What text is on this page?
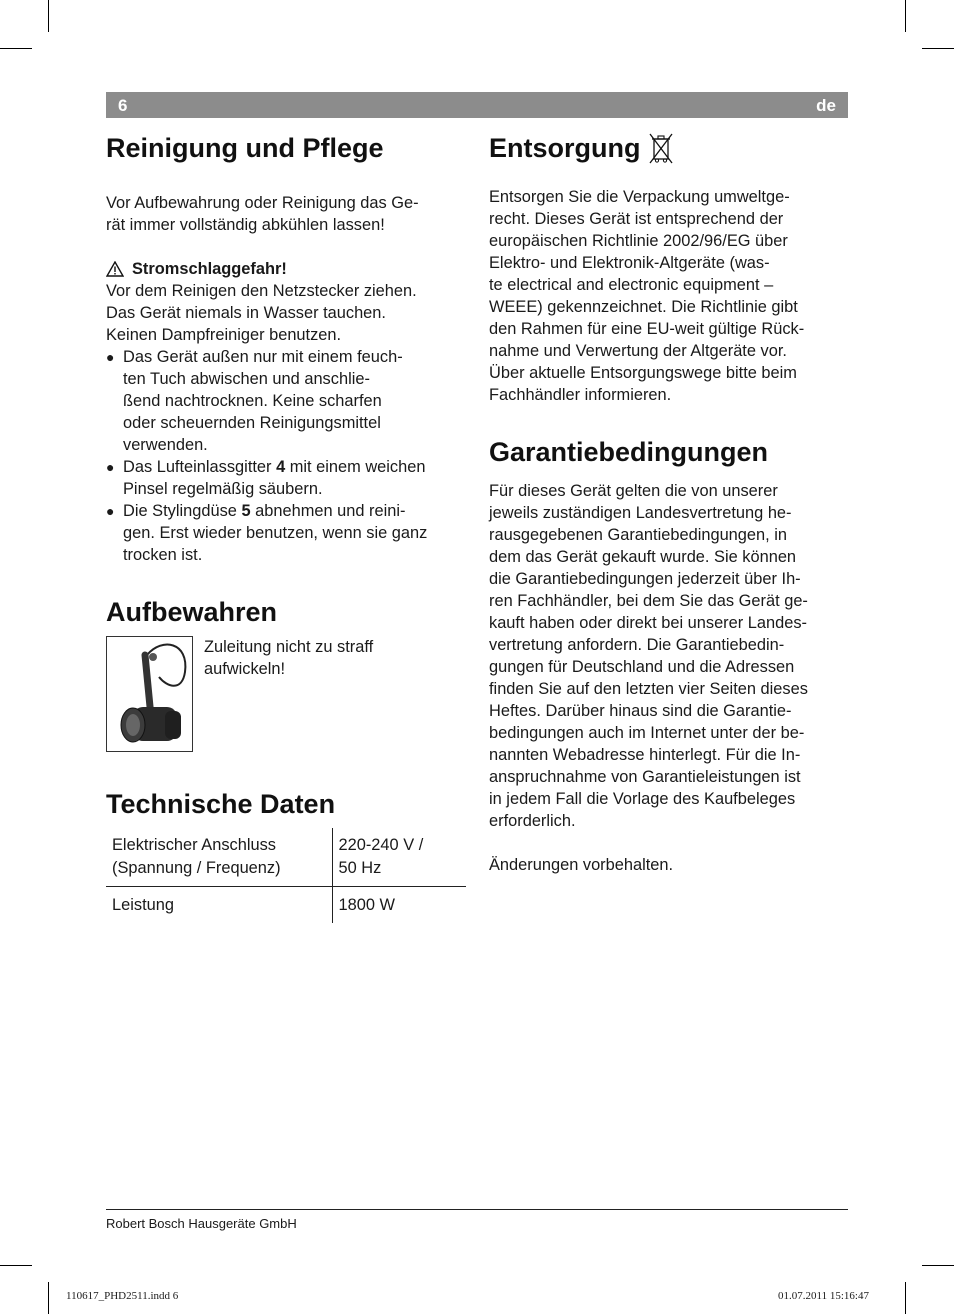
6	de
Reinigung und Pflege

Vor Aufbewahrung oder Reinigung das Ge-
rät immer vollständig abkühlen lassen!

Stromschlaggefahr!

Vor dem Reinigen den Netzstecker ziehen.
Das Gerät niemals in Wasser tauchen.
Keinen Dampfreiniger benutzen.

● Das Gerät außen nur mit einem feuch-
ten Tuch abwischen und anschlie-
ßend nachtrocknen. Keine scharfen
oder scheuernden Reinigungsmittel
verwenden.
● Das Lufteinlassgitter 4 mit einem weichen
Pinsel regelmäßig säubern.
● Die Stylingdüse 5 abnehmen und reini-
gen. Erst wieder benutzen, wenn sie ganz
trocken ist.
Aufbewahren

Zuleitung nicht zu straff
aufwickeln!

Technische Daten
Elektrischer Anschluss
(Spannung / Frequenz)	220-240 V /
50 Hz
Leistung	1800 W
Entsorgung

Entsorgen Sie die Verpackung umweltge-
recht. Dieses Gerät ist entsprechend der
europäischen Richtlinie 2002/96/EG über
Elektro- und Elektronik-Altgeräte (was-
te electrical and electronic equipment –
WEEE) gekennzeichnet. Die Richtlinie gibt
den Rahmen für eine EU-weit gültige Rück-
nahme und Verwertung der Altgeräte vor.
Über aktuelle Entsorgungswege bitte beim
Fachhändler informieren.

Garantiebedingungen

Für dieses Gerät gelten die von unserer
jeweils zuständigen Landesvertretung he-
rausgegebenen Garantiebedingungen, in
dem das Gerät gekauft wurde. Sie können
die Garantiebedingungen jederzeit über Ih-
ren Fachhändler, bei dem Sie das Gerät ge-
kauft haben oder direkt bei unserer Landes-
vertretung anfordern. Die Garantiebedin-
gungen für Deutschland und die Adressen
finden Sie auf den letzten vier Seiten dieses
Heftes. Darüber hinaus sind die Garantie-
bedingungen auch im Internet unter der be-
nannten Webadresse hinterlegt. Für die In-
anspruchnahme von Garantieleistungen ist
in jedem Fall die Vorlage des Kaufbeleges
erforderlich.

Änderungen vorbehalten.

Robert Bosch Hausgeräte GmbH
110617_PHD2511.indd 6	01.07.2011 15:16:47
